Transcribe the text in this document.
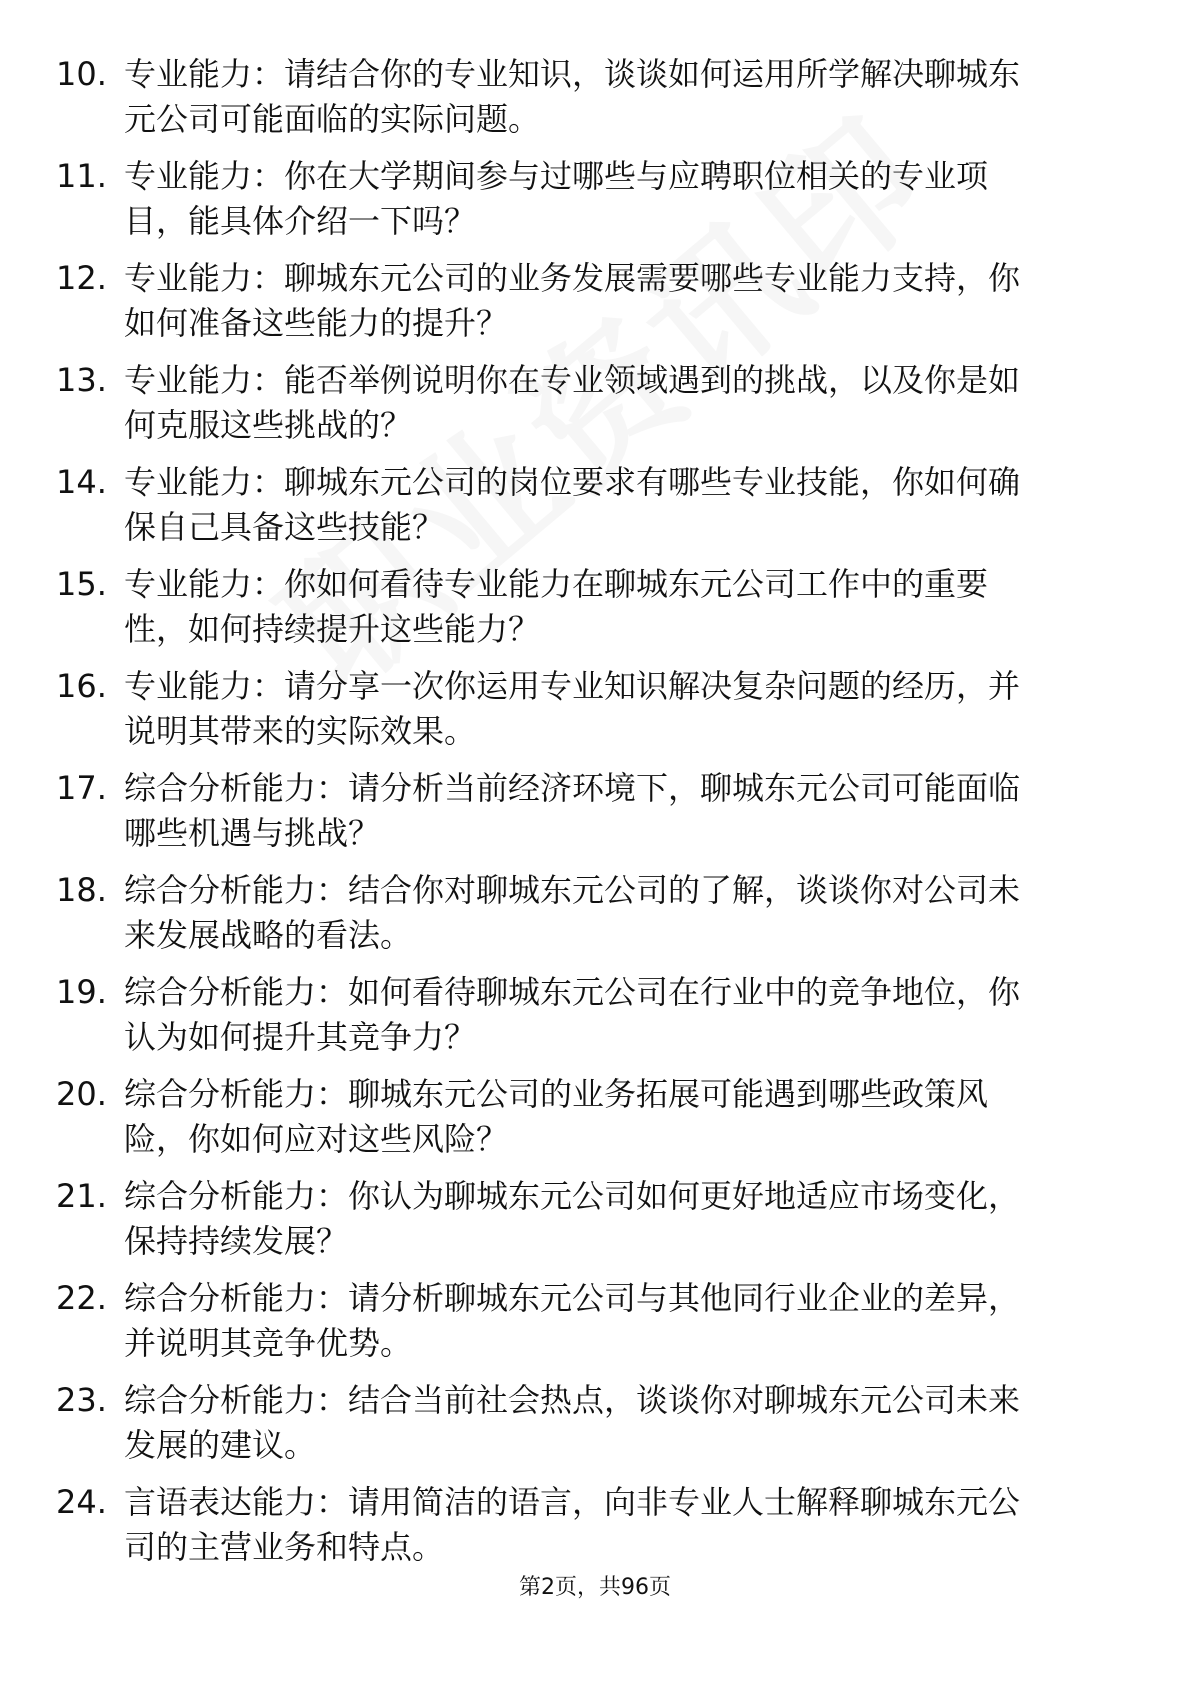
10. 专业能力：请结合你的专业知识，谈谈如何运用所学解决聊城东元公司可能面临的实际问题。
11. 专业能力：你在大学期间参与过哪些与应聘职位相关的专业项目，能具体介绍一下吗？
12. 专业能力：聊城东元公司的业务发展需要哪些专业能力支持，你如何准备这些能力的提升？
13. 专业能力：能否举例说明你在专业领域遇到的挑战，以及你是如何克服这些挑战的？
14. 专业能力：聊城东元公司的岗位要求有哪些专业技能，你如何确保自己具备这些技能？
15. 专业能力：你如何看待专业能力在聊城东元公司工作中的重要性，如何持续提升这些能力？
16. 专业能力：请分享一次你运用专业知识解决复杂问题的经历，并说明其带来的实际效果。
17. 综合分析能力：请分析当前经济环境下，聊城东元公司可能面临哪些机遇与挑战？
18. 综合分析能力：结合你对聊城东元公司的了解，谈谈你对公司未来发展战略的看法。
19. 综合分析能力：如何看待聊城东元公司在行业中的竞争地位，你认为如何提升其竞争力？
20. 综合分析能力：聊城东元公司的业务拓展可能遇到哪些政策风险，你如何应对这些风险？
21. 综合分析能力：你认为聊城东元公司如何更好地适应市场变化，保持持续发展？
22. 综合分析能力：请分析聊城东元公司与其他同行业企业的差异，并说明其竞争优势。
23. 综合分析能力：结合当前社会热点，谈谈你对聊城东元公司未来发展的建议。
24. 言语表达能力：请用简洁的语言，向非专业人士解释聊城东元公司的主营业务和特点。
第2页，共96页
